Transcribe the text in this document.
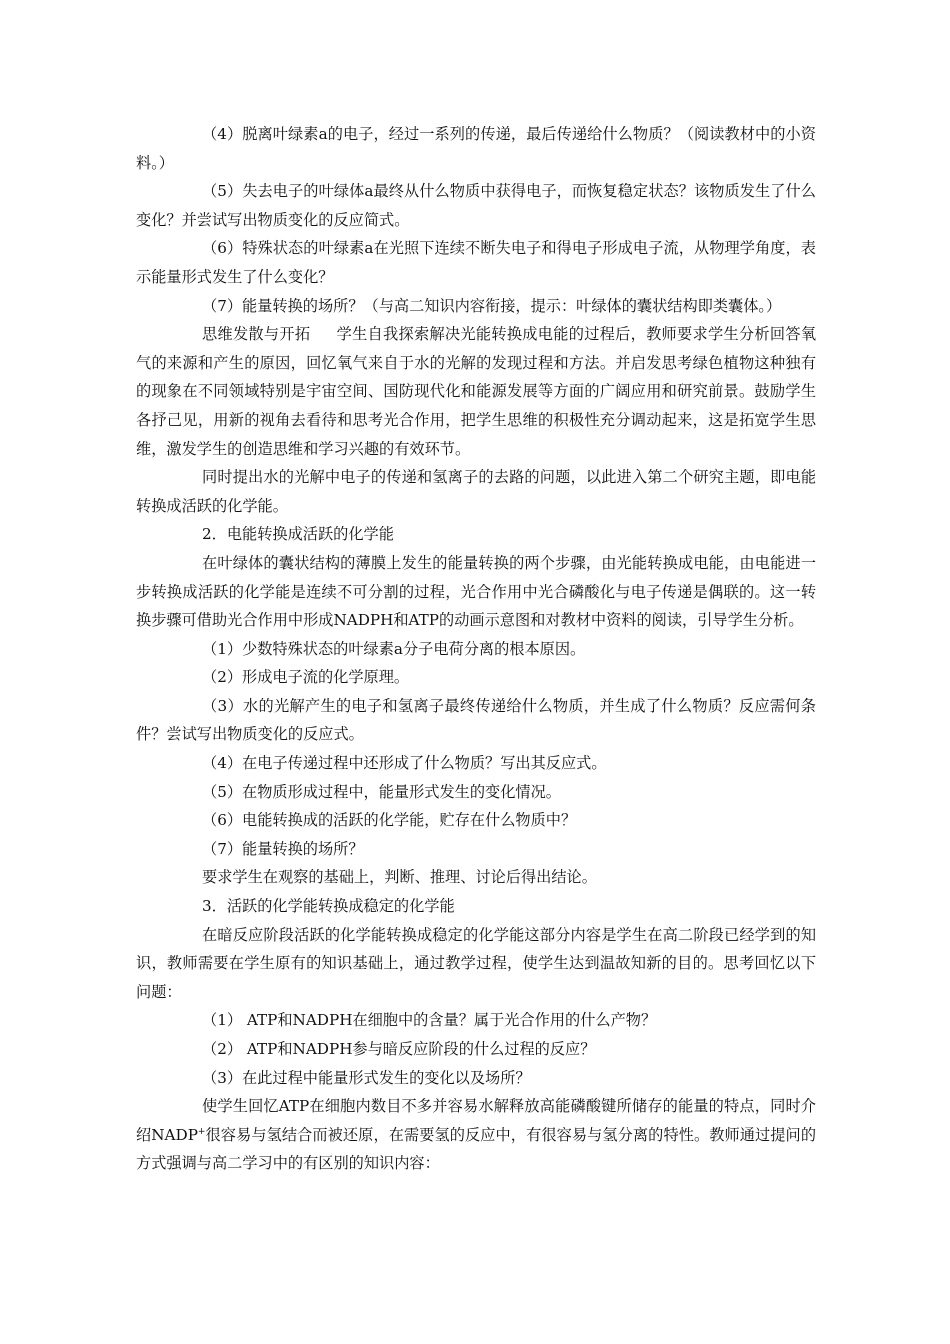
（4）脱离叶绿素a的电子，经过一系列的传递，最后传递给什么物质？（阅读教材中的小资料。）

（5）失去电子的叶绿体a最终从什么物质中获得电子，而恢复稳定状态？该物质发生了什么变化？并尝试写出物质变化的反应简式。

（6）特殊状态的叶绿素a在光照下连续不断失电子和得电子形成电子流，从物理学角度，表示能量形式发生了什么变化？

（7）能量转换的场所？（与高二知识内容衔接，提示：叶绿体的囊状结构即类囊体。）

思维发散与开拓 学生自我探索解决光能转换成电能的过程后，教师要求学生分析回答氧气的来源和产生的原因，回忆氧气来自于水的光解的发现过程和方法。并启发思考绿色植物这种独有的现象在不同领域特别是宇宙空间、国防现代化和能源发展等方面的广阔应用和研究前景。鼓励学生各抒己见，用新的视角去看待和思考光合作用，把学生思维的积极性充分调动起来，这是拓宽学生思维，激发学生的创造思维和学习兴趣的有效环节。

同时提出水的光解中电子的传递和氢离子的去路的问题，以此进入第二个研究主题，即电能转换成活跃的化学能。

2．电能转换成活跃的化学能

在叶绿体的囊状结构的薄膜上发生的能量转换的两个步骤，由光能转换成电能，由电能进一步转换成活跃的化学能是连续不可分割的过程，光合作用中光合磷酸化与电子传递是偶联的。这一转换步骤可借助光合作用中形成NADPH和ATP的动画示意图和对教材中资料的阅读，引导学生分析。

（1）少数特殊状态的叶绿素a分子电荷分离的根本原因。

（2）形成电子流的化学原理。

（3）水的光解产生的电子和氢离子最终传递给什么物质，并生成了什么物质？反应需何条件？尝试写出物质变化的反应式。

（4）在电子传递过程中还形成了什么物质？写出其反应式。

（5）在物质形成过程中，能量形式发生的变化情况。

（6）电能转换成的活跃的化学能，贮存在什么物质中？

（7）能量转换的场所？

要求学生在观察的基础上，判断、推理、讨论后得出结论。

3．活跃的化学能转换成稳定的化学能

在暗反应阶段活跃的化学能转换成稳定的化学能这部分内容是学生在高二阶段已经学到的知识，教师需要在学生原有的知识基础上，通过教学过程，使学生达到温故知新的目的。思考回忆以下问题：

（1） ATP和NADPH在细胞中的含量？属于光合作用的什么产物？

（2） ATP和NADPH参与暗反应阶段的什么过程的反应？

（3）在此过程中能量形式发生的变化以及场所？

使学生回忆ATP在细胞内数目不多并容易水解释放高能磷酸键所储存的能量的特点，同时介绍NADP+很容易与氢结合而被还原，在需要氢的反应中，有很容易与氢分离的特性。教师通过提问的方式强调与高二学习中的有区别的知识内容：
